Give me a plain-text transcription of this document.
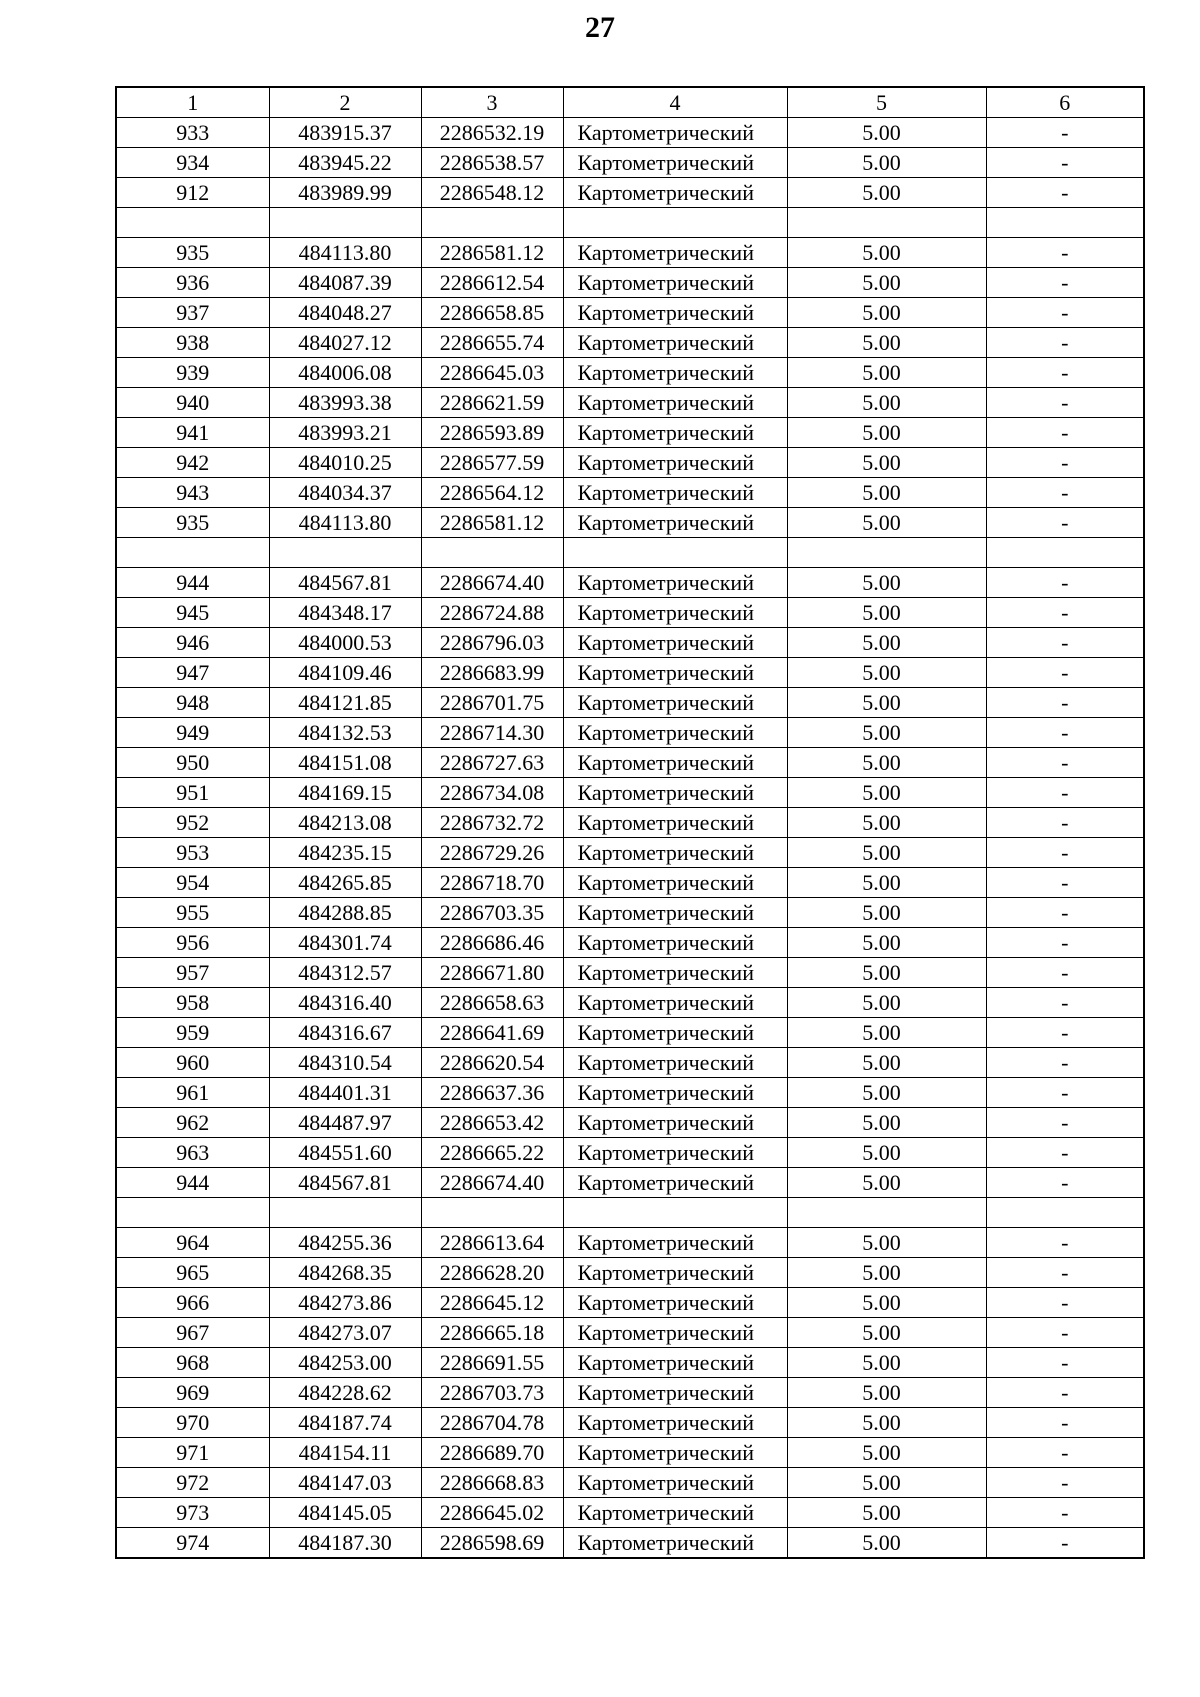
27
1	2	3	4	5	6
933	483915.37	2286532.19	Картометрический	5.00	-
934	483945.22	2286538.57	Картометрический	5.00	-
912	483989.99	2286548.12	Картометрический	5.00	-

935	484113.80	2286581.12	Картометрический	5.00	-
936	484087.39	2286612.54	Картометрический	5.00	-
937	484048.27	2286658.85	Картометрический	5.00	-
938	484027.12	2286655.74	Картометрический	5.00	-
939	484006.08	2286645.03	Картометрический	5.00	-
940	483993.38	2286621.59	Картометрический	5.00	-
941	483993.21	2286593.89	Картометрический	5.00	-
942	484010.25	2286577.59	Картометрический	5.00	-
943	484034.37	2286564.12	Картометрический	5.00	-
935	484113.80	2286581.12	Картометрический	5.00	-

944	484567.81	2286674.40	Картометрический	5.00	-
945	484348.17	2286724.88	Картометрический	5.00	-
946	484000.53	2286796.03	Картометрический	5.00	-
947	484109.46	2286683.99	Картометрический	5.00	-
948	484121.85	2286701.75	Картометрический	5.00	-
949	484132.53	2286714.30	Картометрический	5.00	-
950	484151.08	2286727.63	Картометрический	5.00	-
951	484169.15	2286734.08	Картометрический	5.00	-
952	484213.08	2286732.72	Картометрический	5.00	-
953	484235.15	2286729.26	Картометрический	5.00	-
954	484265.85	2286718.70	Картометрический	5.00	-
955	484288.85	2286703.35	Картометрический	5.00	-
956	484301.74	2286686.46	Картометрический	5.00	-
957	484312.57	2286671.80	Картометрический	5.00	-
958	484316.40	2286658.63	Картометрический	5.00	-
959	484316.67	2286641.69	Картометрический	5.00	-
960	484310.54	2286620.54	Картометрический	5.00	-
961	484401.31	2286637.36	Картометрический	5.00	-
962	484487.97	2286653.42	Картометрический	5.00	-
963	484551.60	2286665.22	Картометрический	5.00	-
944	484567.81	2286674.40	Картометрический	5.00	-

964	484255.36	2286613.64	Картометрический	5.00	-
965	484268.35	2286628.20	Картометрический	5.00	-
966	484273.86	2286645.12	Картометрический	5.00	-
967	484273.07	2286665.18	Картометрический	5.00	-
968	484253.00	2286691.55	Картометрический	5.00	-
969	484228.62	2286703.73	Картометрический	5.00	-
970	484187.74	2286704.78	Картометрический	5.00	-
971	484154.11	2286689.70	Картометрический	5.00	-
972	484147.03	2286668.83	Картометрический	5.00	-
973	484145.05	2286645.02	Картометрический	5.00	-
974	484187.30	2286598.69	Картометрический	5.00	-
